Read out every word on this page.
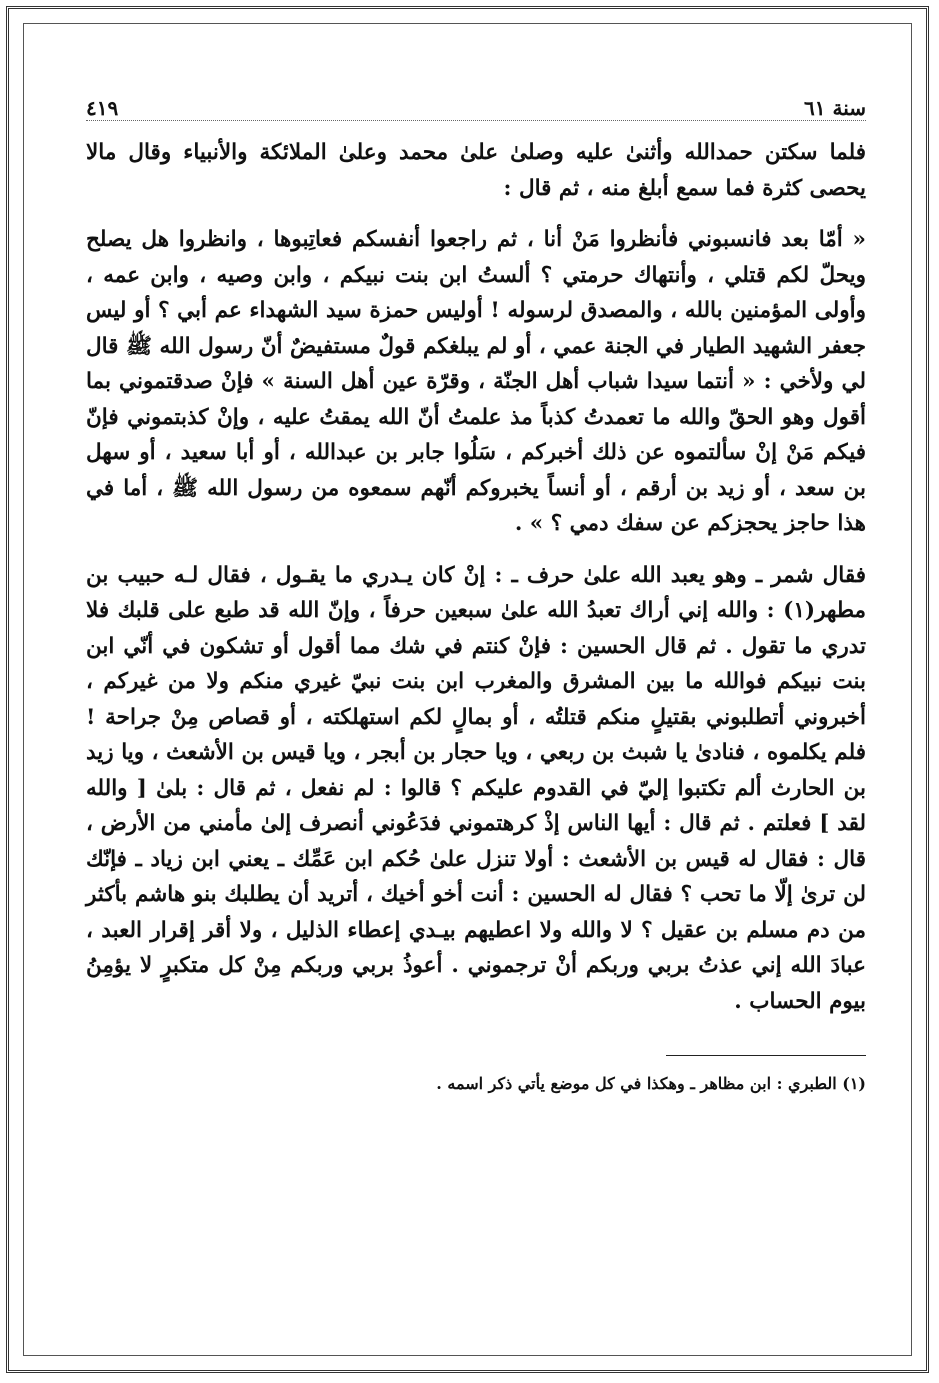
سنة ٦١
٤١٩

فلما سكتن حمدالله وأثنىٰ عليه وصلىٰ علىٰ محمد وعلىٰ الملائكة والأنبياء وقال مالا يحصى كثرة فما سمع أبلغ منه ، ثم قال :

« أمّا بعد فانسبوني فأنظروا مَنْ أنا ، ثم راجعوا أنفسكم فعاتِبوها ، وانظروا هل يصلح ويحلّ لكم قتلي ، وأنتهاك حرمتي ؟ ألستُ ابن بنت نبيكم ، وابن وصيه ، وابن عمه ، وأولى المؤمنين بالله ، والمصدق لرسوله ! أوليس حمزة سيد الشهداء عم أبي ؟ أو ليس جعفر الشهيد الطيار في الجنة عمي ، أو لم يبلغكم قولٌ مستفيضٌ أنّ رسول الله ﷺ قال لي ولأخي : « أنتما سيدا شباب أهل الجنّة ، وقرّة عين أهل السنة » فإنْ صدقتموني بما أقول وهو الحقّ والله ما تعمدتُ كذباً مذ علمتُ أنّ الله يمقتُ عليه ، وإنْ كذبتموني فإنّ فيكم مَنْ إنْ سألتموه عن ذلك أخبركم ، سَلُوا جابر بن عبدالله ، أو أبا سعيد ، أو سهل بن سعد ، أو زيد بن أرقم ، أو أنساً يخبروكم أنّهم سمعوه من رسول الله ﷺ ، أما في هذا حاجز يحجزكم عن سفك دمي ؟ » .

فقال شمر ـ وهو يعبد الله علىٰ حرف ـ : إنْ كان يـدري ما يقـول ، فقال لـه حبيب بن مطهر(١) : والله إني أراك تعبدُ الله علىٰ سبعين حرفاً ، وإنّ الله قد طبع على قلبك فلا تدري ما تقول . ثم قال الحسين : فإنْ كنتم في شك مما أقول أو تشكون في أنّي ابن بنت نبيكم فوالله ما بين المشرق والمغرب ابن بنت نبيّ غيري منكم ولا من غيركم ، أخبروني أتطلبوني بقتيلٍ منكم قتلتُه ، أو بمالٍ لكم استهلكته ، أو قصاص مِنْ جراحة ! فلم يكلموه ، فنادىٰ يا شبث بن ربعي ، ويا حجار بن أبجر ، ويا قيس بن الأشعث ، ويا زيد بن الحارث ألم تكتبوا إليّ في القدوم عليكم ؟ قالوا : لم نفعل ، ثم قال : بلىٰ [ والله لقد ] فعلتم . ثم قال : أيها الناس إذْ كرهتموني فدَعُوني أنصرف إلىٰ مأمني من الأرض ، قال : فقال له قيس بن الأشعث : أولا تنزل علىٰ حُكم ابن عَمِّك ـ يعني ابن زياد ـ فإنّك لن ترىٰ إلّا ما تحب ؟ فقال له الحسين : أنت أخو أخيك ، أتريد أن يطلبك بنو هاشم بأكثر من دم مسلم بن عقيل ؟ لا والله ولا اعطيهم بيـدي إعطاء الذليل ، ولا أقر إقرار العبد ، عبادَ الله إني عذتُ بربي وربكم أنْ ترجموني . أعوذُ بربي وربكم مِنْ كل متكبرٍ لا يؤمِنُ بيوم الحساب .

(١) الطبري : ابن مظاهر ـ وهكذا في كل موضع يأتي ذكر اسمه .
